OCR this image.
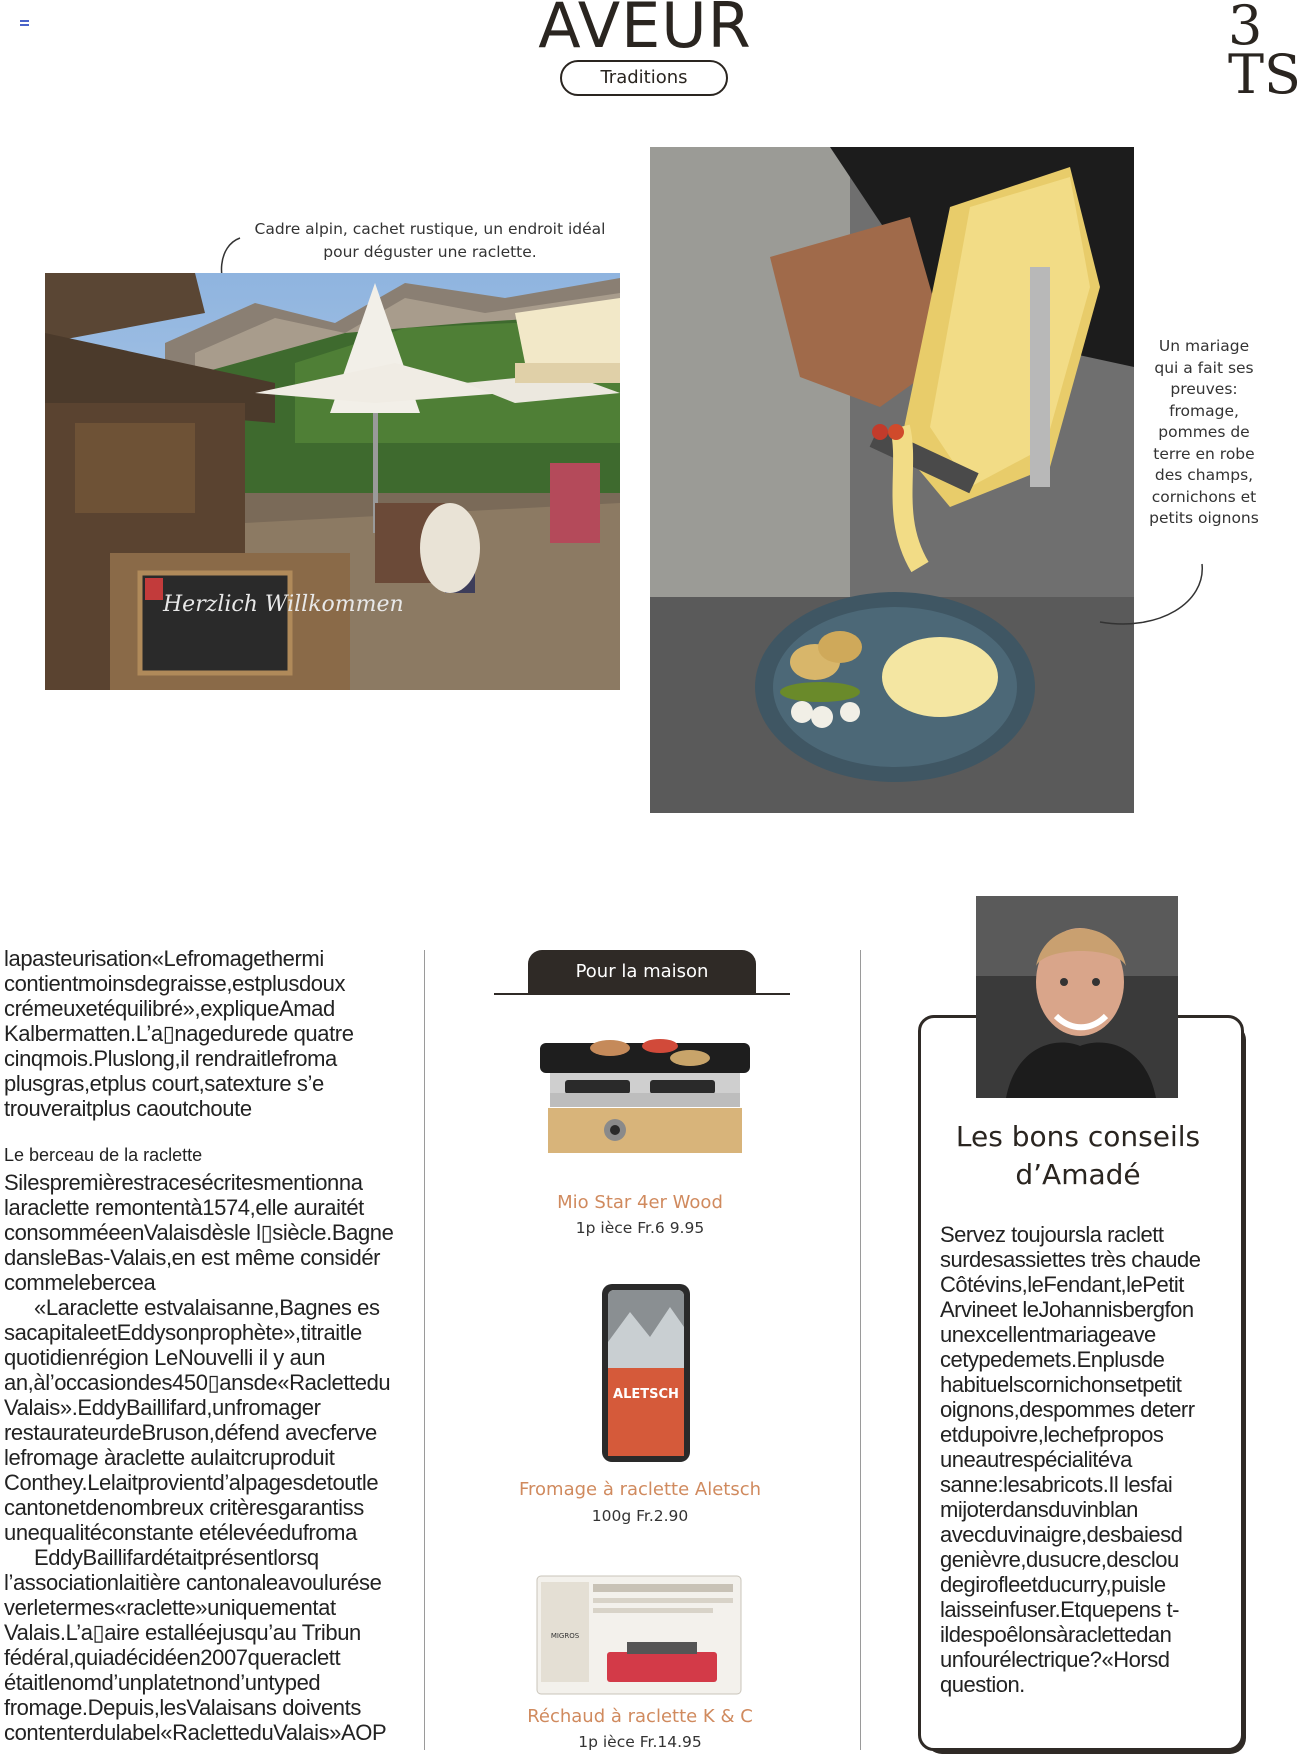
AVEUR
Traditions
3
TS
Cadre alpin, cachet rustique, un endroit idéal pour déguster une raclette.
Herzlich Willkommen
Un mariage qui a fait ses preuves: fromage, pommes de terre en robe des champs, cornichons et petits oignons

lapasteurisation«Lefromagethermi contientmoinsdegraisse,estplusdoux crémeuxetéquilibré»,expliqueAmad Kalbermatten.L’a▯nagedurede quatre cinqmois.Pluslong,il rendraitlefroma plusgras,etplus court,satexture s’e trouveraitplus caoutchoute

Le berceau de la raclette

Silespremièrestracesécritesmentionna laraclette remontentà1574,elle auraitét consomméeenValaisdèsle l▯siècle.Bagne dansleBas-Valais,en est même considér commelebercea

«Laraclette estvalaisanne,Bagnes es sacapitaleetEddysonprophète»,titraitle quotidienrégion LeNouvelli il y aun an,àl’occasiondes450▯ansde«Raclettedu Valais».EddyBaillifard,unfromager restaurateurdeBruson,défend avecferve lefromage àraclette aulaitcruproduit Conthey.Lelaitprovientd’alpagesdetoutle cantonetdenombreux critèresgarantiss unequalitéconstante etélevéedufroma

EddyBaillifardétaitprésentlorsq l’associationlaitière cantonaleavoulurése verletermes«raclette»uniquementat Valais.L’a▯aire estalléejusqu’au Tribun fédéral,quiadécidéen2007queraclett étaitlenomd’unplatetnond’untyped fromage.Depuis,lesValaisans doivents contenterdulabel«RacletteduValais»AOP

Pour la maison
Mio Star 4er Wood
1p ièce Fr.6 9.95
ALETSCH
Fromage à raclette Aletsch
100g Fr.2.90
MIGROS
Réchaud à raclette K & C
1p ièce Fr.14.95
Les bons conseils d’Amadé
Servez toujoursla raclett surdesassiettes très chaude Côtévins,leFendant,lePetit Arvineet leJohannisbergfon unexcellentmariageave cetypedemets.Enplusde habituelscornichonsetpetit oignons,despommes deterr etdupoivre,lechefpropos uneautrespécialitéva sanne:lesabricots.Il lesfai mijoterdansduvinblan avecduvinaigre,desbaiesd genièvre,dusucre,desclou degirofleetducurry,puisle laisseinfuser.Etquepens t-ildespoêlonsàraclettedan unfourélectrique?«Horsd question.
